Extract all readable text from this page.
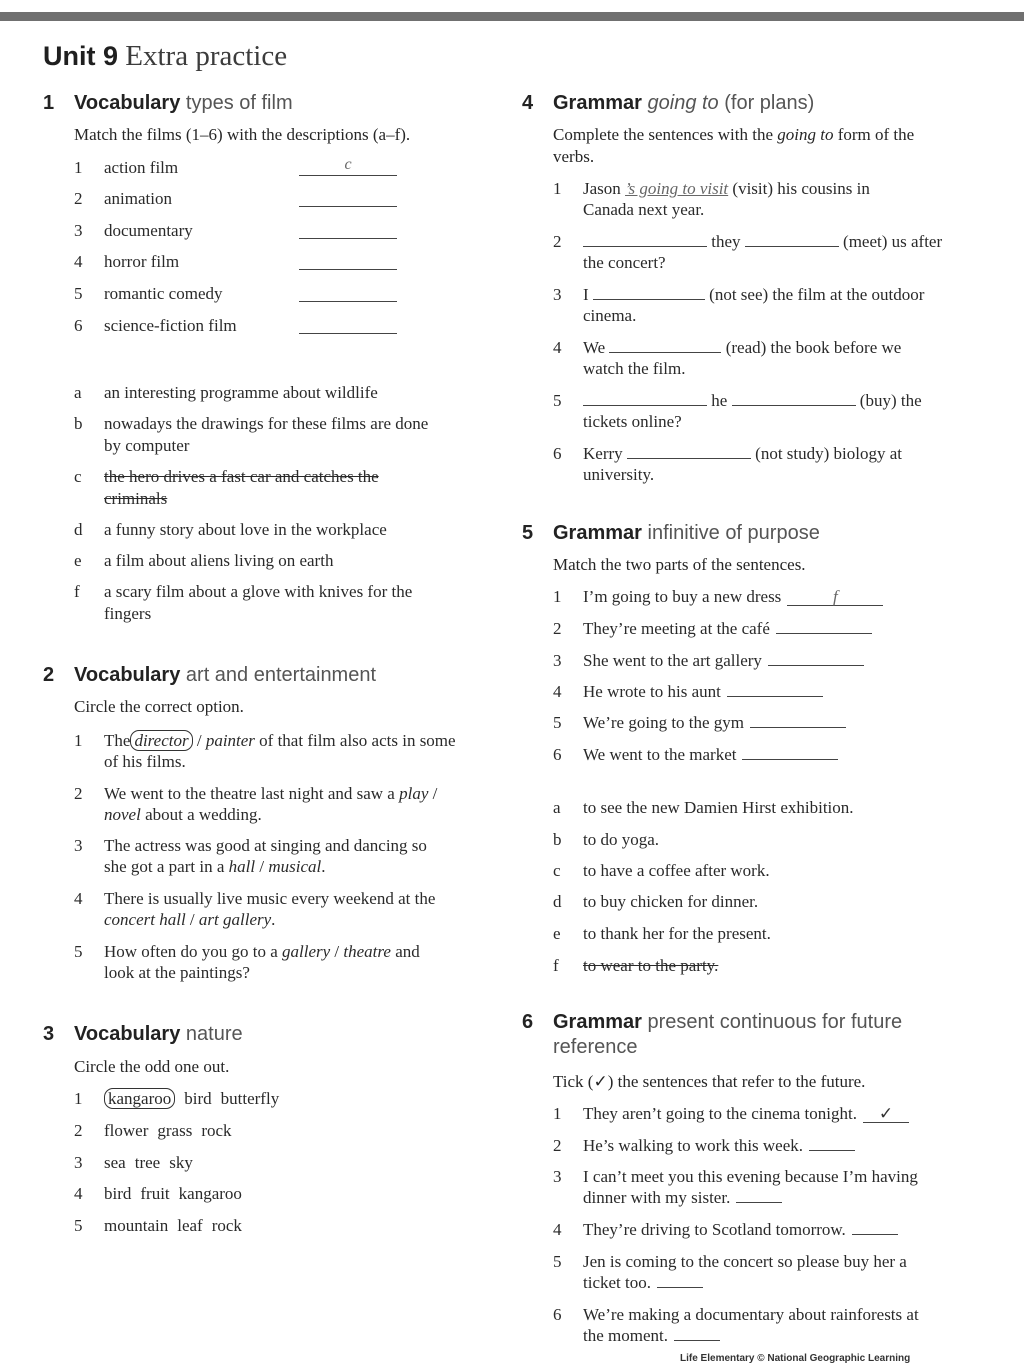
Unit 9 Extra practice
1 Vocabulary types of film
Match the films (1–6) with the descriptions (a–f).
1 action film	c
2 animation
3 documentary
4 horror film
5 romantic comedy
6 science-fiction film
a an interesting programme about wildlife
b nowadays the drawings for these films are done
by computer
c the hero drives a fast car and catches the
criminals
d a funny story about love in the workplace
e a film about aliens living on earth
f a scary film about a glove with knives for the
fingers
2 Vocabulary art and entertainment
Circle the correct option.
1 The director / painter of that film also acts in some
of his films.
2 We went to the theatre last night and saw a play /
novel about a wedding.
3 The actress was good at singing and dancing so
she got a part in a hall / musical.
4 There is usually live music every weekend at the
concert hall / art gallery.
5 How often do you go to a gallery / theatre and
look at the paintings?
3 Vocabulary nature
Circle the odd one out.
1 kangaroo bird butterfly
2 flower grass rock
3 sea tree sky
4 bird fruit kangaroo
5 mountain leaf rock
4 Grammar going to (for plans)
Complete the sentences with the going to form of the
verbs.
1 Jason ’s going to visit (visit) his cousins in
Canada next year.
2	they	(meet) us after
the concert?
3 I	(not see) the film at the outdoor
cinema.
4 We	(read) the book before we
watch the film.
5	he	(buy) the
tickets online?
6 Kerry	(not study) biology at
university.
5 Grammar infinitive of purpose
Match the two parts of the sentences.
1 I’m going to buy a new dress	f
2 They’re meeting at the café
3 She went to the art gallery
4 He wrote to his aunt
5 We’re going to the gym
6 We went to the market
a to see the new Damien Hirst exhibition.
b to do yoga.
c to have a coffee after work.
d to buy chicken for dinner.
e to thank her for the present.
f to wear to the party.
6 Grammar present continuous for future
reference
Tick (✓) the sentences that refer to the future.
1 They aren’t going to the cinema tonight. ✓
2 He’s walking to work this week.
3 I can’t meet you this evening because I’m having
dinner with my sister.
4 They’re driving to Scotland tomorrow.
5 Jen is coming to the concert so please buy her a
ticket too.
6 We’re making a documentary about rainforests at
the moment.
Life Elementary © National Geographic Learning
